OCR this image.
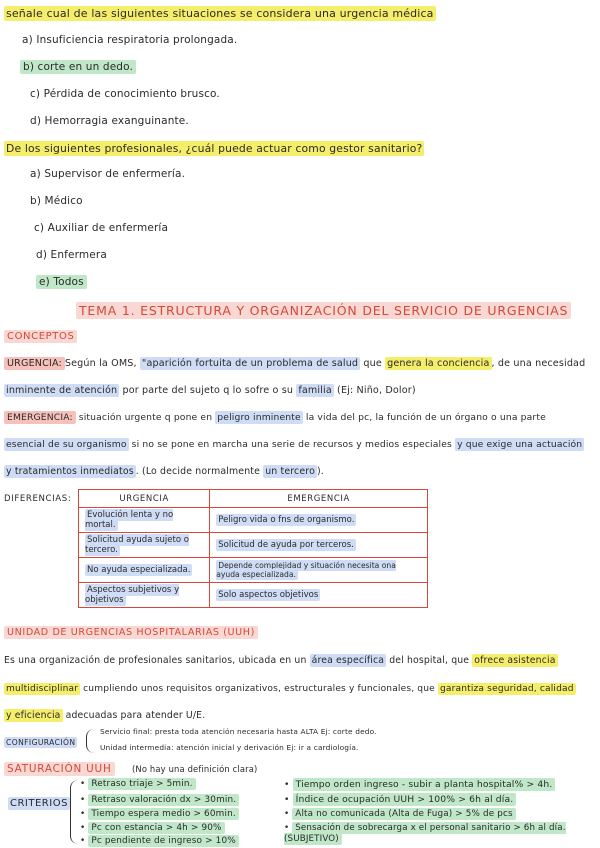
señale cual de las siguientes situaciones se considera una urgencia médica
a) Insuficiencia respiratoria prolongada.
b) corte en un dedo.
c) Pérdida de conocimiento brusco.
d) Hemorragia exanguinante.
De los siguientes profesionales, ¿cuál puede actuar como gestor sanitario?
a) Supervisor de enfermería.
b) Médico
c) Auxiliar de enfermería
d) Enfermera
e) Todos
TEMA 1. ESTRUCTURA Y ORGANIZACIÓN DEL SERVICIO DE URGENCIAS
CONCEPTOS
URGENCIA: Según la OMS, "aparición fortuita de un problema de salud que genera la conciencia , de una necesidad
inminente de atención por parte del sujeto q lo sofre o su familia (Ej: Niño, Dolor)
EMERGENCIA: situación urgente q pone en peligro inminente la vida del pc, la función de un órgano o una parte
esencial de su organismo si no se pone en marcha una serie de recursos y medios especiales y que exige una actuación
y tratamientos inmediatos . (Lo decide normalmente un tercero ).
DIFERENCIAS:	URGENCIA	EMERGENCIA
Evolución lenta y no mortal.	Peligro vida o fns de organismo.
Solicitud ayuda sujeto o tercero.	Solicitud de ayuda por terceros.
No ayuda especializada.	Depende complejidad y situación necesita ona ayuda especializada.
Aspectos subjetivos y objetivos	Solo aspectos objetivos
UNIDAD DE URGENCIAS HOSPITALARIAS (UUH)
Es una organización de profesionales sanitarios, ubicada en un área específica del hospital, que ofrece asistencia
multidisciplinar cumpliendo unos requisitos organizativos, estructurales y funcionales, que garantiza seguridad, calidad
y eficiencia adecuadas para atender U/E.
CONFIGURACIÓN
Servicio final: presta toda atención necesaria hasta ALTA Ej: corte dedo.
Unidad intermedia: atención inicial y derivación Ej: ir a cardiología.
SATURACIÓN UUH	(No hay una definición clara)
CRITERIOS
• Retraso triaje > 5min.
• Retraso valoración dx > 30min.
• Tiempo espera medio > 60min.
• Pc con estancia > 4h > 90%
• Pc pendiente de ingreso > 10%
• Tiempo orden ingreso - subir a planta hospital% > 4h.
• Índice de ocupación UUH > 100% > 6h al día.
• Alta no comunicada (Alta de Fuga) > 5% de pcs
• Sensación de sobrecarga x el personal sanitario > 6h al día. (SUBJETIVO)
